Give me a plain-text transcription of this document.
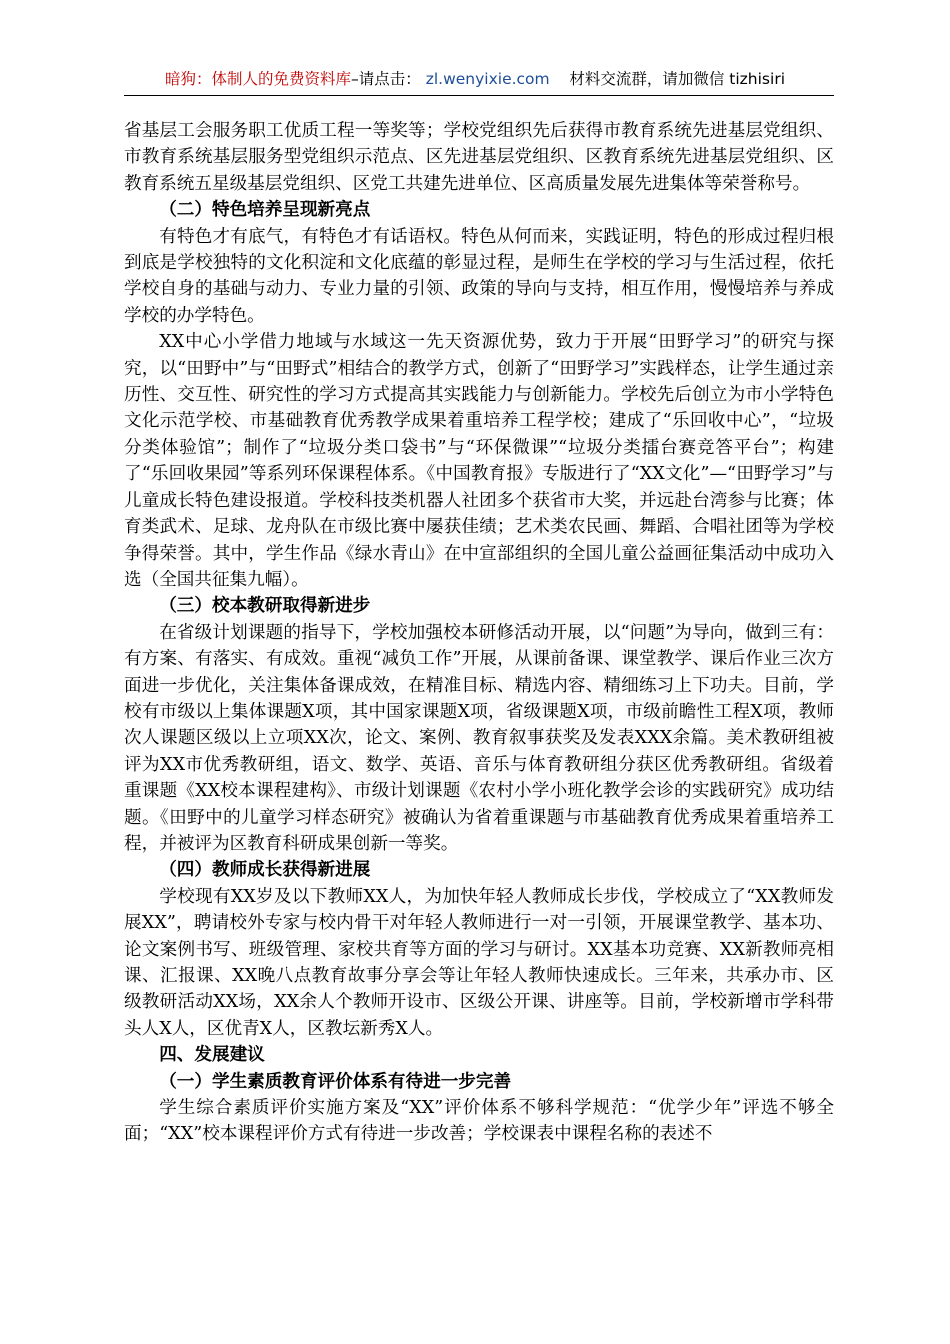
暗狗：体制人的免费资料库–请点击： zl.wenyixie.com 材料交流群，请加微信 tizhisiri

省基层工会服务职工优质工程一等奖等；学校党组织先后获得市教育系统先进基层党组织、市教育系统基层服务型党组织示范点、区先进基层党组织、区教育系统先进基层党组织、区教育系统五星级基层党组织、区党工共建先进单位、区高质量发展先进集体等荣誉称号。

（二）特色培养呈现新亮点

有特色才有底气，有特色才有话语权。特色从何而来，实践证明，特色的形成过程归根到底是学校独特的文化积淀和文化底蕴的彰显过程，是师生在学校的学习与生活过程，依托学校自身的基础与动力、专业力量的引领、政策的导向与支持，相互作用，慢慢培养与养成学校的办学特色。

XX中心小学借力地域与水域这一先天资源优势，致力于开展“田野学习”的研究与探究，以“田野中”与“田野式”相结合的教学方式，创新了“田野学习”实践样态，让学生通过亲历性、交互性、研究性的学习方式提高其实践能力与创新能力。学校先后创立为市小学特色文化示范学校、市基础教育优秀教学成果着重培养工程学校；建成了“乐回收中心”，“垃圾分类体验馆”；制作了“垃圾分类口袋书”与“环保微课”“垃圾分类擂台赛竞答平台”；构建了“乐回收果园”等系列环保课程体系。《中国教育报》专版进行了“XX文化”—“田野学习”与儿童成长特色建设报道。学校科技类机器人社团多个获省市大奖，并远赴台湾参与比赛；体育类武术、足球、龙舟队在市级比赛中屡获佳绩；艺术类农民画、舞蹈、合唱社团等为学校争得荣誉。其中，学生作品《绿水青山》在中宣部组织的全国儿童公益画征集活动中成功入选（全国共征集九幅）。

（三）校本教研取得新进步

在省级计划课题的指导下，学校加强校本研修活动开展，以“问题”为导向，做到三有：有方案、有落实、有成效。重视“减负工作”开展，从课前备课、课堂教学、课后作业三次方面进一步优化，关注集体备课成效，在精准目标、精选内容、精细练习上下功夫。目前，学校有市级以上集体课题X项，其中国家课题X项，省级课题X项，市级前瞻性工程X项，教师次人课题区级以上立项XX次，论文、案例、教育叙事获奖及发表XXX余篇。美术教研组被评为XX市优秀教研组，语文、数学、英语、音乐与体育教研组分获区优秀教研组。省级着重课题《XX校本课程建构》、市级计划课题《农村小学小班化教学会诊的实践研究》成功结题。《田野中的儿童学习样态研究》被确认为省着重课题与市基础教育优秀成果着重培养工程，并被评为区教育科研成果创新一等奖。

（四）教师成长获得新进展

学校现有XX岁及以下教师XX人，为加快年轻人教师成长步伐，学校成立了“XX教师发展XX”，聘请校外专家与校内骨干对年轻人教师进行一对一引领，开展课堂教学、基本功、论文案例书写、班级管理、家校共育等方面的学习与研讨。XX基本功竞赛、XX新教师亮相课、汇报课、XX晚八点教育故事分享会等让年轻人教师快速成长。三年来，共承办市、区级教研活动XX场，XX余人个教师开设市、区级公开课、讲座等。目前，学校新增市学科带头人X人，区优青X人，区教坛新秀X人。

四、发展建议
（一）学生素质教育评价体系有待进一步完善

学生综合素质评价实施方案及“XX”评价体系不够科学规范：“优学少年”评选不够全面；“XX”校本课程评价方式有待进一步改善；学校课表中课程名称的表述不
